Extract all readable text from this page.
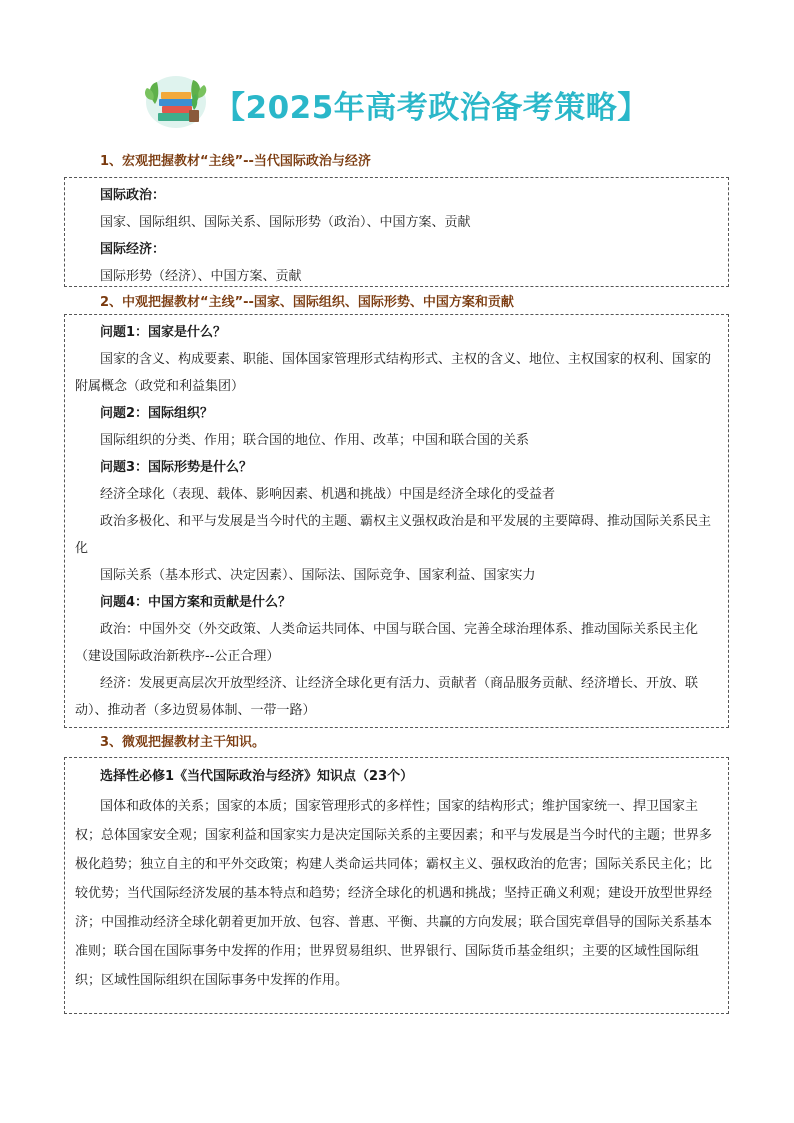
【2025年高考政治备考策略】

1、宏观把握教材“主线”--当代国际政治与经济

国际政治：

国家、国际组织、国际关系、国际形势（政治）、中国方案、贡献

国际经济：

国际形势（经济）、中国方案、贡献

2、中观把握教材“主线”--国家、国际组织、国际形势、中国方案和贡献

问题1：国家是什么？

国家的含义、构成要素、职能、国体国家管理形式结构形式、主权的含义、地位、主权国家的权利、国家的附属概念（政党和利益集团）

问题2：国际组织？

国际组织的分类、作用；联合国的地位、作用、改革；中国和联合国的关系

问题3：国际形势是什么？

经济全球化（表现、载体、影响因素、机遇和挑战）中国是经济全球化的受益者

政治多极化、和平与发展是当今时代的主题、霸权主义强权政治是和平发展的主要障碍、推动国际关系民主化

国际关系（基本形式、决定因素）、国际法、国际竞争、国家利益、国家实力

问题4：中国方案和贡献是什么？

政治：中国外交（外交政策、人类命运共同体、中国与联合国、完善全球治理体系、推动国际关系民主化（建设国际政治新秩序--公正合理）

经济：发展更高层次开放型经济、让经济全球化更有活力、贡献者（商品服务贡献、经济增长、开放、联动）、推动者（多边贸易体制、一带一路）

3、微观把握教材主干知识。

选择性必修1《当代国际政治与经济》知识点（23个）

国体和政体的关系；国家的本质；国家管理形式的多样性；国家的结构形式；维护国家统一、捍卫国家主权；总体国家安全观；国家利益和国家实力是决定国际关系的主要因素；和平与发展是当今时代的主题；世界多极化趋势；独立自主的和平外交政策；构建人类命运共同体；霸权主义、强权政治的危害；国际关系民主化；比较优势；当代国际经济发展的基本特点和趋势；经济全球化的机遇和挑战；坚持正确义利观；建设开放型世界经济；中国推动经济全球化朝着更加开放、包容、普惠、平衡、共赢的方向发展；联合国宪章倡导的国际关系基本准则；联合国在国际事务中发挥的作用；世界贸易组织、世界银行、国际货币基金组织；主要的区域性国际组织；区域性国际组织在国际事务中发挥的作用。
